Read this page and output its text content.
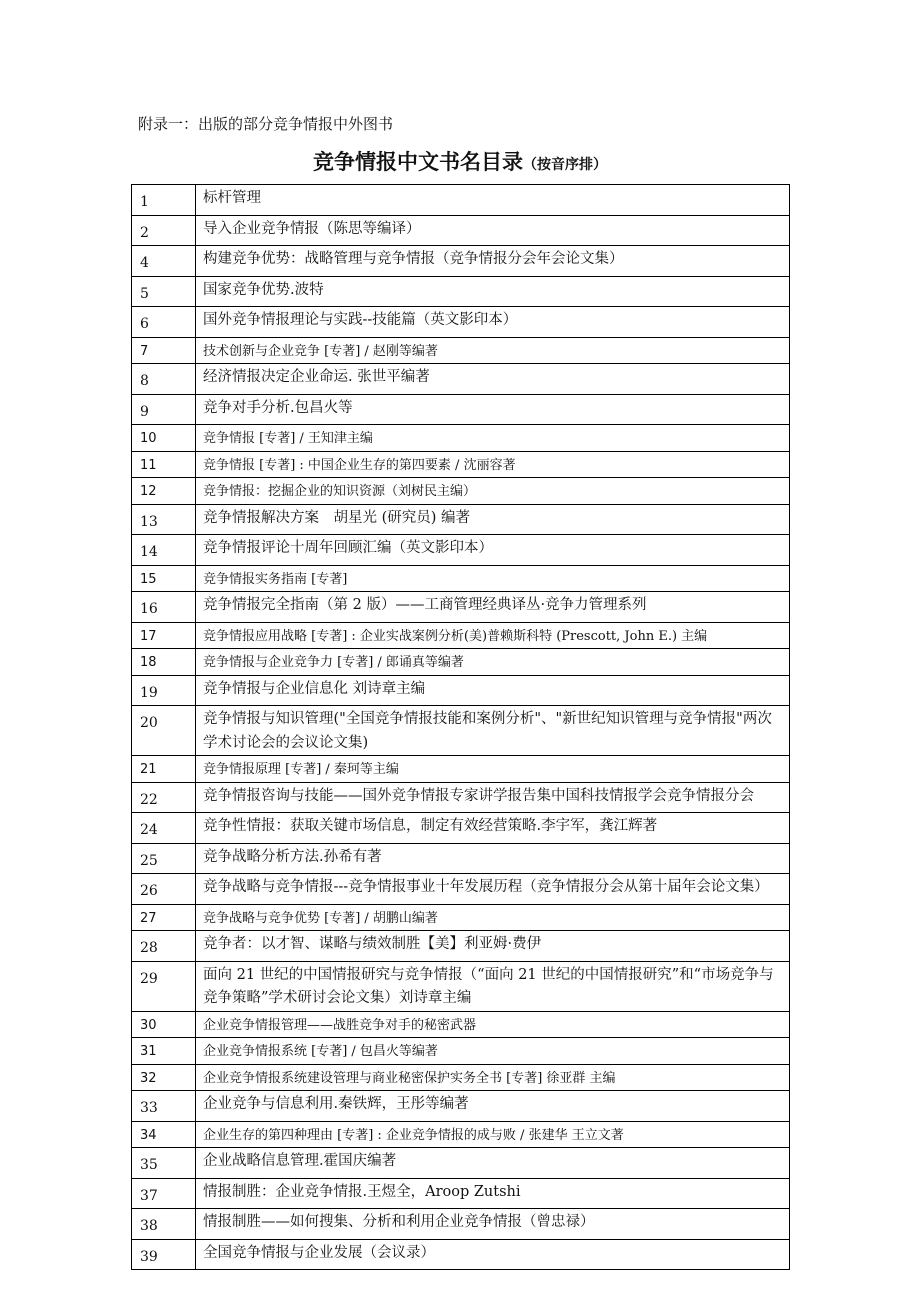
附录一：出版的部分竞争情报中外图书
竞争情报中文书名目录（按音序排）
1	标杆管理
2	导入企业竞争情报（陈思等编译）
4	构建竞争优势：战略管理与竞争情报（竞争情报分会年会论文集）
5	国家竞争优势.波特
6	国外竞争情报理论与实践--技能篇（英文影印本）
7	技术创新与企业竞争 [专著] / 赵刚等编著
8	经济情报决定企业命运. 张世平编著
9	竞争对手分析.包昌火等
10	竞争情报 [专著] / 王知津主编
11	竞争情报 [专著] : 中国企业生存的第四要素 / 沈丽容著
12	竞争情报：挖掘企业的知识资源（刘树民主编）
13	竞争情报解决方案　胡星光 (研究员) 编著
14	竞争情报评论十周年回顾汇编（英文影印本）
15	竞争情报实务指南 [专著]
16	竞争情报完全指南（第 2 版）——工商管理经典译丛·竞争力管理系列
17	竞争情报应用战略 [专著] : 企业实战案例分析(美)普赖斯科特 (Prescott, John E.) 主编
18	竞争情报与企业竞争力 [专著] / 郎诵真等编著
19	竞争情报与企业信息化 刘诗章主编
20	竞争情报与知识管理("全国竞争情报技能和案例分析"、"新世纪知识管理与竞争情报"两次学术讨论会的会议论文集)
21	竞争情报原理 [专著] / 秦珂等主编
22	竞争情报咨询与技能——国外竞争情报专家讲学报告集中国科技情报学会竞争情报分会
24	竞争性情报：获取关键市场信息，制定有效经营策略.李宇军，龚江辉著
25	竞争战略分析方法.孙希有著
26	竞争战略与竞争情报---竞争情报事业十年发展历程（竞争情报分会从第十届年会论文集）
27	竞争战略与竞争优势 [专著] / 胡鹏山编著
28	竞争者：以才智、谋略与绩效制胜【美】利亚姆·费伊
29	面向 21 世纪的中国情报研究与竞争情报（“面向 21 世纪的中国情报研究”和“市场竞争与竞争策略”学术研讨会论文集）刘诗章主编
30	企业竞争情报管理——战胜竞争对手的秘密武器
31	企业竞争情报系统 [专著] / 包昌火等编著
32	企业竞争情报系统建设管理与商业秘密保护实务全书 [专著] 徐亚群 主编
33	企业竞争与信息利用.秦铁辉，王彤等编著
34	企业生存的第四种理由 [专著] : 企业竞争情报的成与败 / 张建华 王立文著
35	企业战略信息管理.霍国庆编著
37	情报制胜：企业竞争情报.王煜全，Aroop Zutshi
38	情报制胜——如何搜集、分析和利用企业竞争情报（曾忠禄）
39	全国竞争情报与企业发展（会议录）
